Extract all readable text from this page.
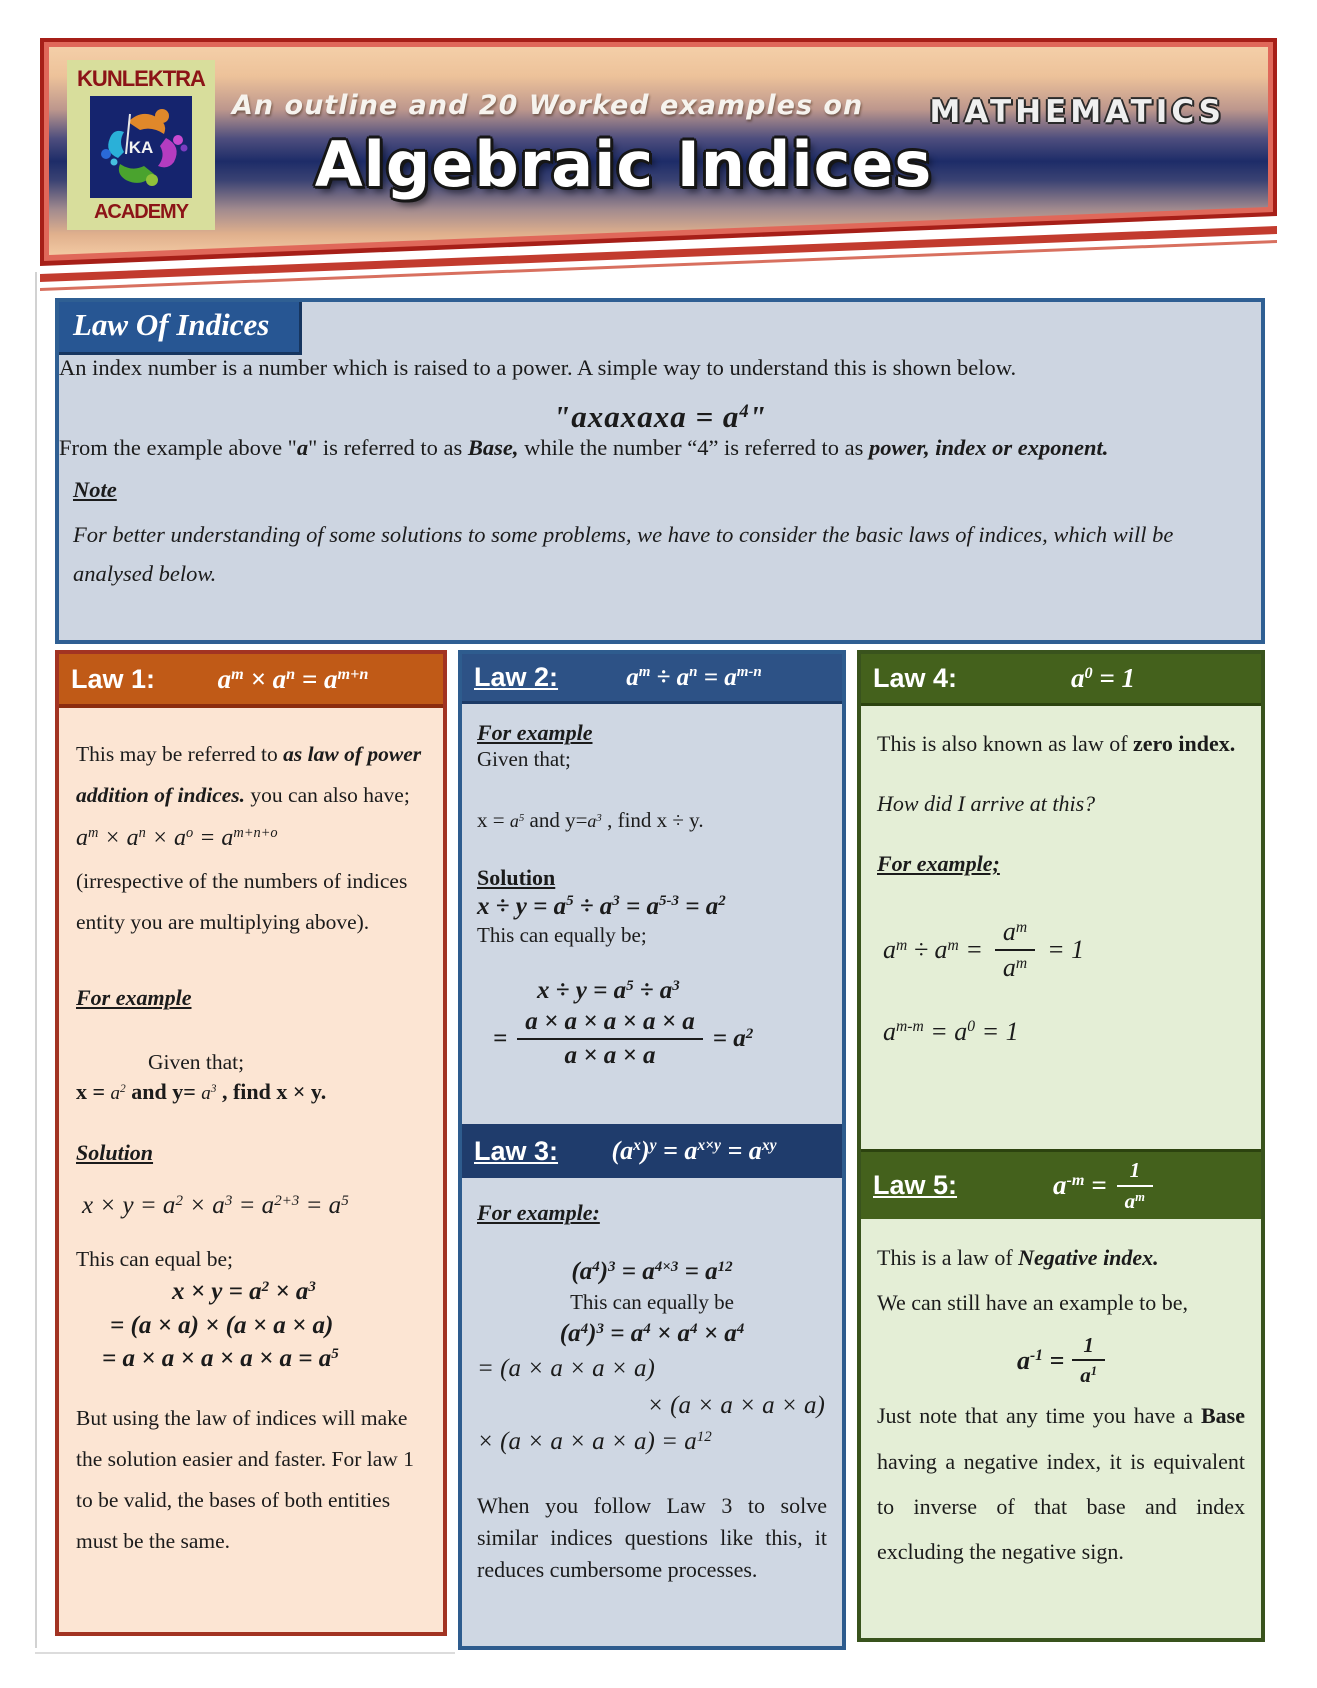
KUNLEKTRA
KA
ACADEMY
An outline and 20 Worked examples on MATHEMATICS
Algebraic Indices
Law Of Indices

An index number is a number which is raised to a power. A simple way to understand this is shown below.

"axaxaxa = $a^4$"

From the example above "a" is referred to as Base, while the number “4” is referred to as power, index or exponent.

Note
For better understanding of some solutions to some problems, we have to consider the basic laws of indices, which will be analysed below.
Law 1:	$a^m \times a^n = a^{m+n}$
This may be referred to as law of power addition of indices. you can also have;
$a^m \times a^n \times a^o = a^{m+n+o}$
(irrespective of the numbers of indices entity you are multiplying above).
For example
Given that;
$x = a^2$ and $y= a^3$ , find x × y.
Solution
$x \times y = a^2 \times a^3 = a^{2+3} = a^5$
This can equal be;
$x \times y = a^2 \times a^3$
= (a × a) × (a × a × a)
= $a \times a \times a \times a \times a = a^5$
But using the law of indices will make the solution easier and faster. For law 1 to be valid, the bases of both entities must be the same.
Law 2:	$a^m \div a^n = a^{m-n}$
For example
Given that;
$x = a^5$ and $y=a^3$ , find x ÷ y.
Solution
$x \div y = a^5 \div a^3 = a^{5-3} = a^2$
This can equally be;
$x \div y = a^5 \div a^3$
= $\frac{a \times a \times a \times a \times a}{a \times a \times a} = a^2$
Law 3:	$(a^x)^y = a^{x\times y} = a^{xy}$
For example:
$(a^4)^3 = a^{4\times 3} = a^{12}$
This can equally be
$(a^4)^3 = a^4 \times a^4 \times a^4$
= (a × a × a × a)
× (a × a × a × a)
× $(a \times a \times a \times a) = a^{12}$
When you follow Law 3 to solve similar indices questions like this, it reduces cumbersome processes.
Law 4:	$a^0 = 1$
This is also known as law of zero index.
How did I arrive at this?
For example;
$a^m \div a^m = \frac{a^m}{a^m} = 1$
$a^{m-m} = a^0 = 1$
Law 5:	$a^{-m} = \frac{1}{a^m}$
This is a law of Negative index.
We can still have an example to be,
$a^{-1} = \frac{1}{a^1}$
Just note that any time you have a Base having a negative index, it is equivalent to inverse of that base and index excluding the negative sign.
